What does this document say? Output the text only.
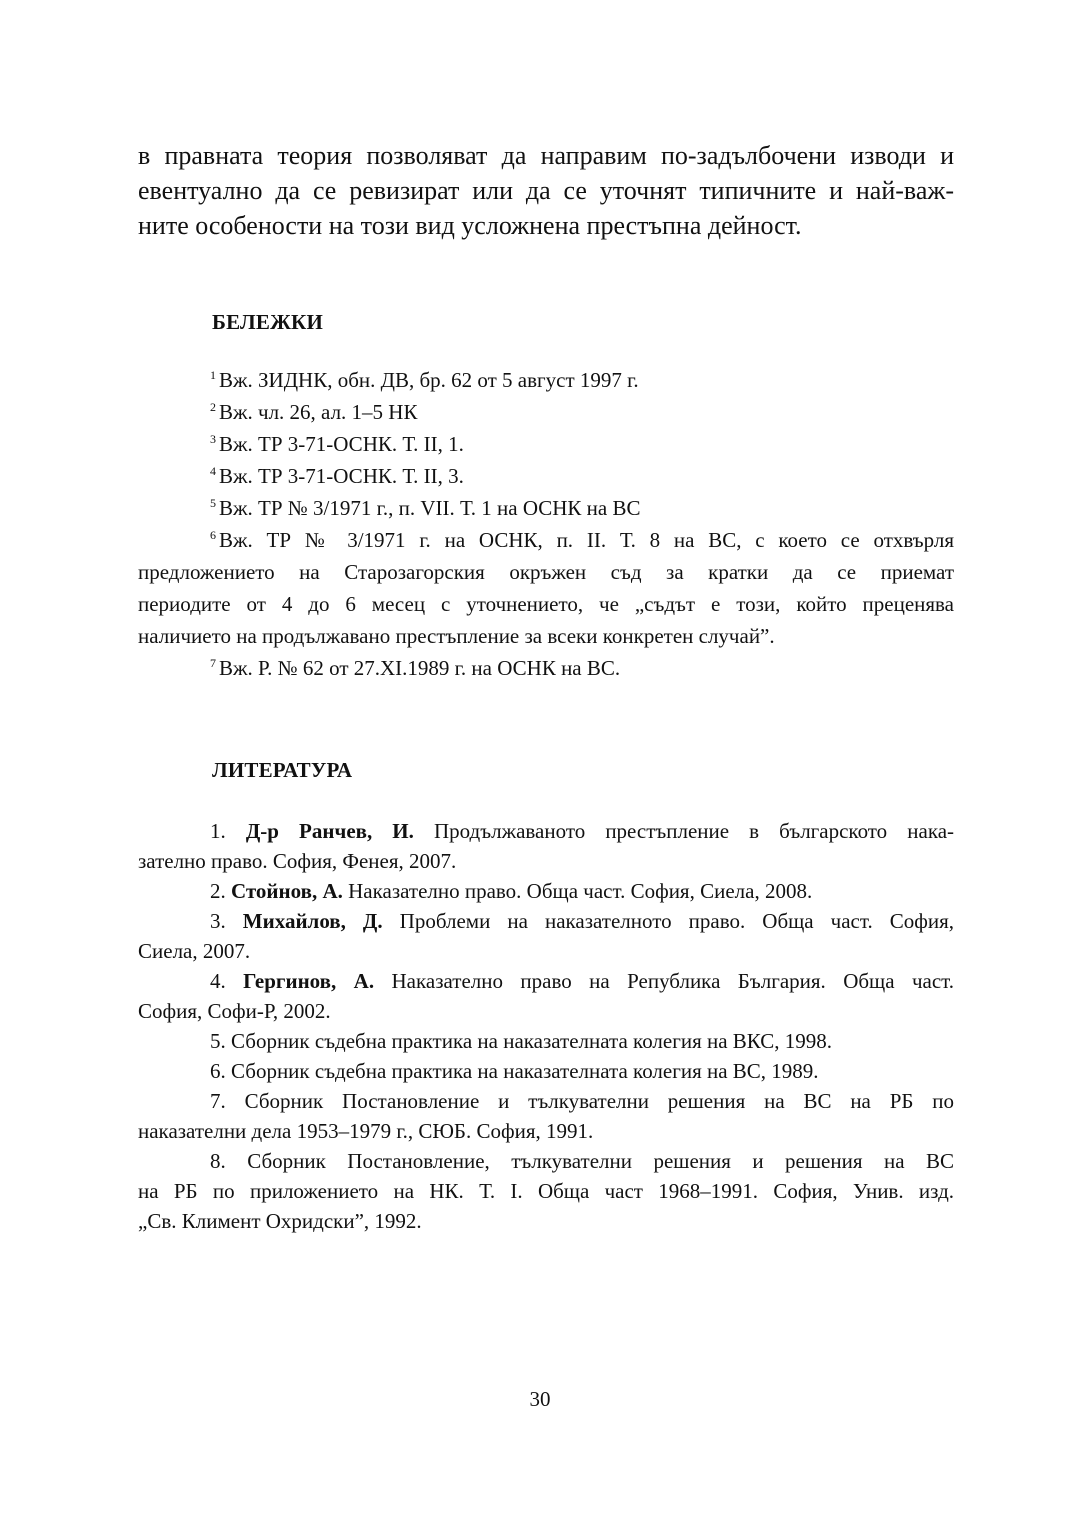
в правната теория позволяват да направим по-задълбочени изводи и
евентуално да се ревизират или да се уточнят типичните и най-важ-
ните особености на този вид усложнена престъпна дейност.

БЕЛЕЖКИ
$^1$ Вж. ЗИДНК, обн. ДВ, бр. 62 от 5 август 1997 г.
$^2$ Вж. чл. 26, ал. 1–5 НК
$^3$ Вж. ТР 3-71-ОСНК. Т. II, 1.
$^4$ Вж. ТР 3-71-ОСНК. Т. II, 3.
$^5$ Вж. ТР № 3/1971 г., п. VII. Т. 1 на ОСНК на ВС
$^6$ Вж. ТР № 3/1971 г. на ОСНК, п. II. Т. 8 на ВС, с което се отхвърля
предложението на Старозагорския окръжен съд за кратки да се приемат
периодите от 4 до 6 месец с уточнението, че „съдът е този, който преценява
наличието на продължавано престъпление за всеки конкретен случай”.
$^7$ Вж. Р. № 62 от 27.XI.1989 г. на ОСНК на ВС.
ЛИТЕРАТУРА
1. Д-р Ранчев, И. Продължаваното престъпление в българското нака-
зателно право. София, Фенея, 2007.
2. Стойнов, А. Наказателно право. Обща част. София, Сиела, 2008.
3. Михайлов, Д. Проблеми на наказателното право. Обща част. София,
Сиела, 2007.
4. Гергинов, А. Наказателно право на Република България. Обща част.
София, Софи-Р, 2002.
5. Сборник съдебна практика на наказателната колегия на ВКС, 1998.
6. Сборник съдебна практика на наказателната колегия на ВС, 1989.
7. Сборник Постановление и тълкувателни решения на ВС на РБ по
наказателни дела 1953–1979 г., СЮБ. София, 1991.
8. Сборник Постановление, тълкувателни решения и решения на ВС
на РБ по приложението на НК. Т. I. Обща част 1968–1991. София, Унив. изд.
„Св. Климент Охридски”, 1992.
30
